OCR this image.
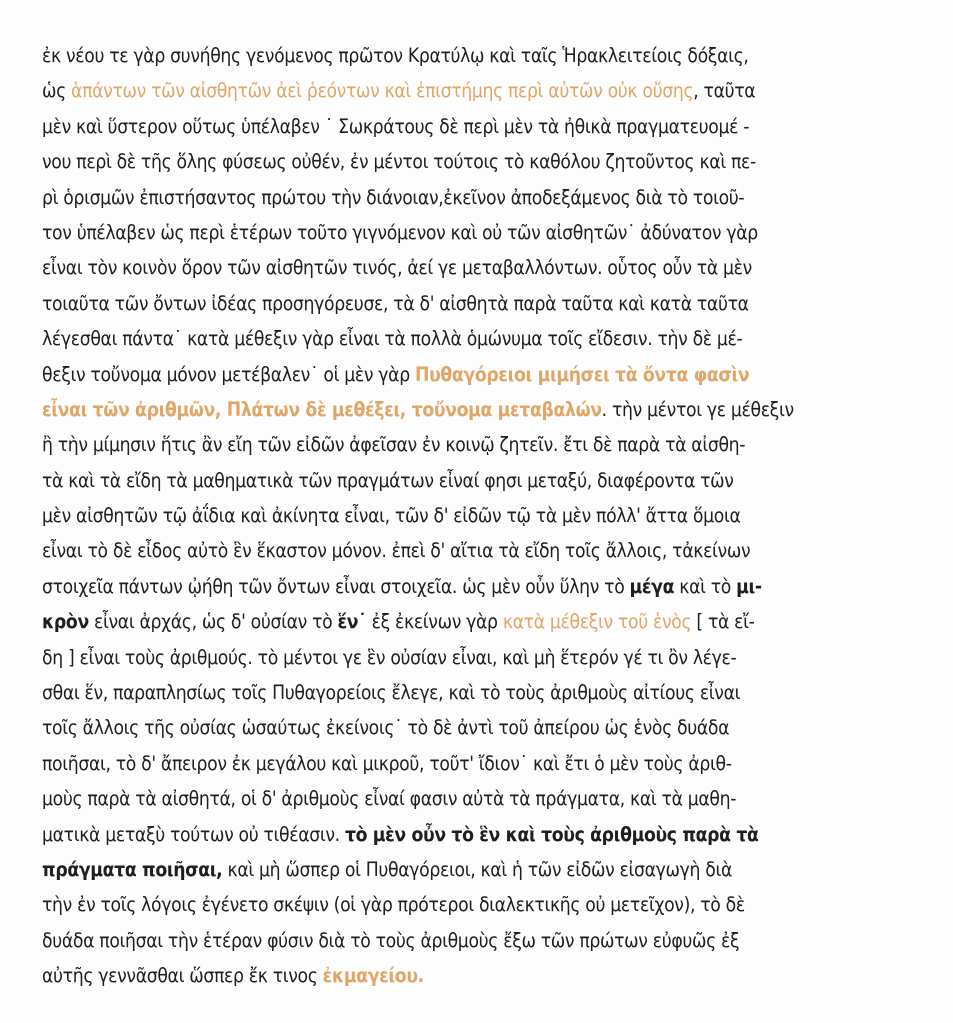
ἐκ νέου τε γὰρ συνήθης γενόμενος πρῶτον Κρατύλῳ καὶ ταῖς Ἡρακλειτείοις δόξαις,
ὡς ἁπάντων τῶν αἰσθητῶν ἀεὶ ῥεόντων καὶ ἐπιστήμης περὶ αὐτῶν οὐκ οὔσης, ταῦτα
μὲν καὶ ὕστερον οὕτως ὑπέλαβεν ˙ Σωκράτους δὲ περὶ μὲν τὰ ἠθικὰ πραγματευομέ -
νου περὶ δὲ τῆς ὅλης φύσεως οὐθέν, ἐν μέντοι τούτοις τὸ καθόλου ζητοῦντος καὶ πε-
ρὶ ὁρισμῶν ἐπιστήσαντος πρώτου τὴν διάνοιαν,ἐκεῖνον ἀποδεξάμενος διὰ τὸ τοιοῦ-
τον ὑπέλαβεν ὡς περὶ ἑτέρων τοῦτο γιγνόμενον καὶ οὐ τῶν αἰσθητῶν˙ ἀδύνατον γὰρ
εἶναι τὸν κοινὸν ὅρον τῶν αἰσθητῶν τινός, ἀεί γε μεταβαλλόντων. οὗτος οὖν τὰ μὲν
τοιαῦτα τῶν ὄντων ἰδέας προσηγόρευσε, τὰ δ' αἰσθητὰ παρὰ ταῦτα καὶ κατὰ ταῦτα
λέγεσθαι πάντα˙ κατὰ μέθεξιν γὰρ εἶναι τὰ πολλὰ ὁμώνυμα τοῖς εἴδεσιν. τὴν δὲ μέ-
θεξιν τοὔνομα μόνον μετέβαλεν˙ οἱ μὲν γὰρ Πυθαγόρειοι μιμήσει τὰ ὄντα φασὶν
εἶναι τῶν ἀριθμῶν, Πλάτων δὲ μεθέξει, τοὔνομα μεταβαλών. τὴν μέντοι γε μέθεξιν
ἢ τὴν μίμησιν ἥτις ἂν εἴη τῶν εἰδῶν ἀφεῖσαν ἐν κοινῷ ζητεῖν. ἔτι δὲ παρὰ τὰ αἰσθη-
τὰ καὶ τὰ εἴδη τὰ μαθηματικὰ τῶν πραγμάτων εἶναί φησι μεταξύ, διαφέροντα τῶν
μὲν αἰσθητῶν τῷ ἀΐδια καὶ ἀκίνητα εἶναι, τῶν δ' εἰδῶν τῷ τὰ μὲν πόλλ' ἄττα ὅμοια
εἶναι τὸ δὲ εἶδος αὐτὸ ἓν ἕκαστον μόνον. ἐπεὶ δ' αἴτια τὰ εἴδη τοῖς ἄλλοις, τἀκείνων
στοιχεῖα πάντων ᾠήθη τῶν ὄντων εἶναι στοιχεῖα. ὡς μὲν οὖν ὕλην τὸ μέγα καὶ τὸ μι-
κρὸν εἶναι ἀρχάς, ὡς δ' οὐσίαν τὸ ἕν˙ ἐξ ἐκείνων γὰρ κατὰ μέθεξιν τοῦ ἑνὸς [ τὰ εἴ-
δη ] εἶναι τοὺς ἀριθμούς. τὸ μέντοι γε ἓν οὐσίαν εἶναι, καὶ μὴ ἕτερόν γέ τι ὂν λέγε-
σθαι ἕν, παραπλησίως τοῖς Πυθαγορείοις ἔλεγε, καὶ τὸ τοὺς ἀριθμοὺς αἰτίους εἶναι
τοῖς ἄλλοις τῆς οὐσίας ὡσαύτως ἐκείνοις˙ τὸ δὲ ἀντὶ τοῦ ἀπείρου ὡς ἑνὸς δυάδα
ποιῆσαι, τὸ δ' ἄπειρον ἐκ μεγάλου καὶ μικροῦ, τοῦτ' ἴδιον˙ καὶ ἔτι ὁ μὲν τοὺς ἀριθ-
μοὺς παρὰ τὰ αἰσθητά, οἱ δ' ἀριθμοὺς εἶναί φασιν αὐτὰ τὰ πράγματα, καὶ τὰ μαθη-
ματικὰ μεταξὺ τούτων οὐ τιθέασιν. τὸ μὲν οὖν τὸ ἓν καὶ τοὺς ἀριθμοὺς παρὰ τὰ
πράγματα ποιῆσαι, καὶ μὴ ὥσπερ οἱ Πυθαγόρειοι, καὶ ἡ τῶν εἰδῶν εἰσαγωγὴ διὰ
τὴν ἐν τοῖς λόγοις ἐγένετο σκέψιν (οἱ γὰρ πρότεροι διαλεκτικῆς οὐ μετεῖχον), τὸ δὲ
δυάδα ποιῆσαι τὴν ἑτέραν φύσιν διὰ τὸ τοὺς ἀριθμοὺς ἔξω τῶν πρώτων εὐφυῶς ἐξ
αὐτῆς γεννᾶσθαι ὥσπερ ἔκ τινος ἐκμαγείου.
